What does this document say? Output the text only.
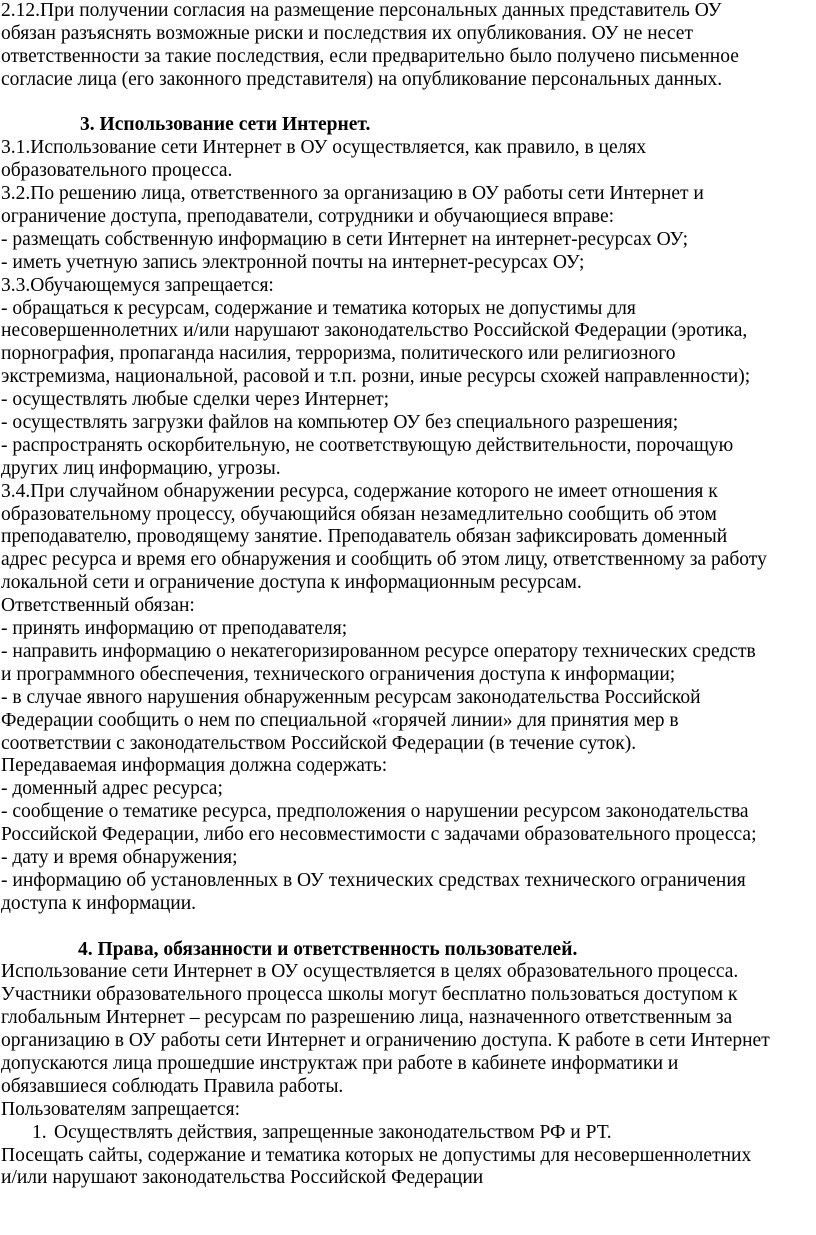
2.12.При получении согласия на размещение персональных данных представитель ОУ
обязан разъяснять возможные риски и последствия их опубликования. ОУ не несет
ответственности за такие последствия, если предварительно было получено письменное
согласие лица (его законного представителя) на опубликование персональных данных.
3. Использование сети Интернет.
3.1.Использование сети Интернет в ОУ осуществляется, как правило, в целях
образовательного процесса.
3.2.По решению лица, ответственного за организацию в ОУ работы сети Интернет и
ограничение доступа, преподаватели, сотрудники и обучающиеся вправе:
- размещать собственную информацию в сети Интернет на интернет-ресурсах ОУ;
- иметь учетную запись электронной почты на интернет-ресурсах ОУ;
3.3.Обучающемуся запрещается:
- обращаться к ресурсам, содержание и тематика которых не допустимы для
несовершеннолетних и/или нарушают законодательство Российской Федерации (эротика,
порнография, пропаганда насилия, терроризма, политического или религиозного
экстремизма, национальной, расовой и т.п. розни, иные ресурсы схожей направленности);
- осуществлять любые сделки через Интернет;
- осуществлять загрузки файлов на компьютер ОУ без специального разрешения;
- распространять оскорбительную, не соответствующую действительности, порочащую
других лиц информацию, угрозы.
3.4.При случайном обнаружении ресурса, содержание которого не имеет отношения к
образовательному процессу, обучающийся обязан незамедлительно сообщить об этом
преподавателю, проводящему занятие. Преподаватель обязан зафиксировать доменный
адрес ресурса и время его обнаружения и сообщить об этом лицу, ответственному за работу
локальной сети и ограничение доступа к информационным ресурсам.
Ответственный обязан:
- принять информацию от преподавателя;
- направить информацию о некатегоризированном ресурсе оператору технических средств
и программного обеспечения, технического ограничения доступа к информации;
- в случае явного нарушения обнаруженным ресурсам законодательства Российской
Федерации сообщить о нем по специальной «горячей линии» для принятия мер в
соответствии с законодательством Российской Федерации (в течение суток).
Передаваемая информация должна содержать:
- доменный адрес ресурса;
- сообщение о тематике ресурса, предположения о нарушении ресурсом законодательства
Российской Федерации, либо его несовместимости с задачами образовательного процесса;
- дату и время обнаружения;
- информацию об установленных в ОУ технических средствах технического ограничения
доступа к информации.
4. Права, обязанности и ответственность пользователей.
Использование сети Интернет в ОУ осуществляется в целях образовательного процесса.
Участники образовательного процесса школы могут бесплатно пользоваться доступом к
глобальным Интернет – ресурсам по разрешению лица, назначенного ответственным за
организацию в ОУ работы сети Интернет и ограничению доступа. К работе в сети Интернет
допускаются лица прошедшие инструктаж при работе в кабинете информатики и
обязавшиеся соблюдать Правила работы.
Пользователям запрещается:
1. Осуществлять действия, запрещенные законодательством РФ и РТ.
Посещать сайты, содержание и тематика которых не допустимы для несовершеннолетних
и/или нарушают законодательства Российской Федерации
